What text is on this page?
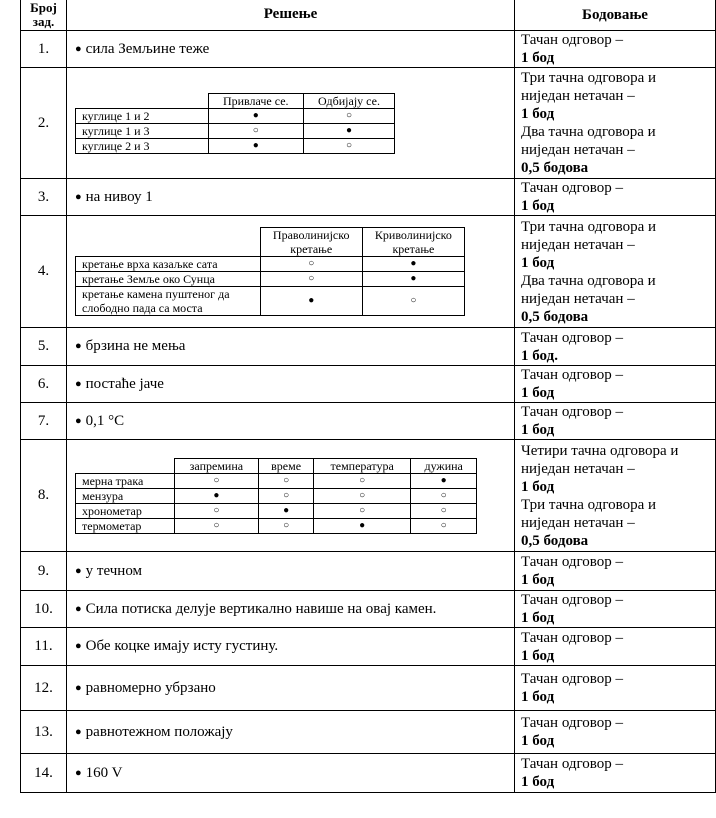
Број зад.	Решење	Бодовање
1.	●сила Земљине теже	
Тачан одговор –
1 бод
2.	
	Привлаче се.	Одбијају се.
куглице 1 и 2	●	○
куглице 1 и 3	○	●
куглице 2 и 3	●	○

Три тачна одговора и
ниједан нетачан –
1 бод
Два тачна одговора и
ниједан нетачан –
0,5 бодова
3.	●на нивоу 1	
Тачан одговор –
1 бод
4.	
	Праволинијско кретање	Криволинијско кретање
кретање врха казаљке сата	○	●
кретање Земље око Сунца	○	●
кретање камена пуштеног да слободно пада са моста	●	○

Три тачна одговора и
ниједан нетачан –
1 бод
Два тачна одговора и
ниједан нетачан –
0,5 бодова
5.	●брзина не мења	
Тачан одговор –
1 бод.
6.	●постаће јаче	
Тачан одговор –
1 бод
7.	●0,1 °C	
Тачан одговор –
1 бод
8.	
	запремина	време	температура	дужина
мерна трака	○	○	○	●
мензура	●	○	○	○
хронометар	○	●	○	○
термометар	○	○	●	○

Четири тачна одговора и
ниједан нетачан –
1 бод
Три тачна одговора и
ниједан нетачан –
0,5 бодова
9.	●у течном	
Тачан одговор –
1 бод
10.	●Сила потиска делује вертикално навише на овај камен.	
Тачан одговор –
1 бод
11.	●Обе коцке имају исту густину.	
Тачан одговор –
1 бод
12.	●равномерно убрзано	
Тачан одговор –
1 бод
13.	●равнотежном положају	
Тачан одговор –
1 бод
14.	●160 V	
Тачан одговор –
1 бод
